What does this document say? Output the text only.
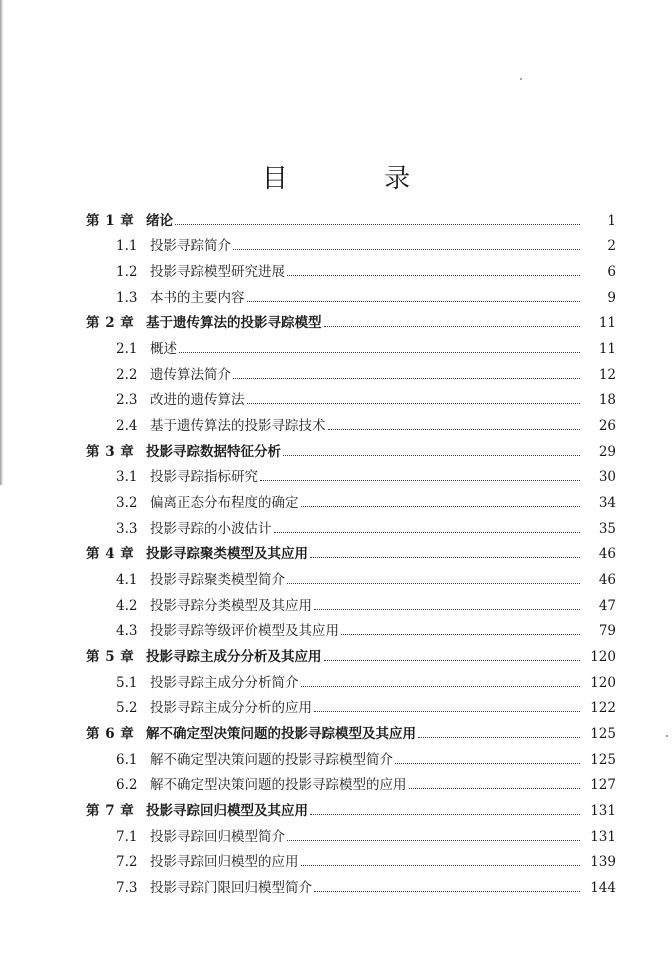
目 录
第 1 章 绪论	1
1.1 投影寻踪简介	2
1.2 投影寻踪模型研究进展	6
1.3 本书的主要内容	9
第 2 章 基于遗传算法的投影寻踪模型	11
2.1 概述	11
2.2 遗传算法简介	12
2.3 改进的遗传算法	18
2.4 基于遗传算法的投影寻踪技术	26
第 3 章 投影寻踪数据特征分析	29
3.1 投影寻踪指标研究	30
3.2 偏离正态分布程度的确定	34
3.3 投影寻踪的小波估计	35
第 4 章 投影寻踪聚类模型及其应用	46
4.1 投影寻踪聚类模型简介	46
4.2 投影寻踪分类模型及其应用	47
4.3 投影寻踪等级评价模型及其应用	79
第 5 章 投影寻踪主成分分析及其应用	120
5.1 投影寻踪主成分分析简介	120
5.2 投影寻踪主成分分析的应用	122
第 6 章 解不确定型决策问题的投影寻踪模型及其应用	125
6.1 解不确定型决策问题的投影寻踪模型简介	125
6.2 解不确定型决策问题的投影寻踪模型的应用	127
第 7 章 投影寻踪回归模型及其应用	131
7.1 投影寻踪回归模型简介	131
7.2 投影寻踪回归模型的应用	139
7.3 投影寻踪门限回归模型简介	144
